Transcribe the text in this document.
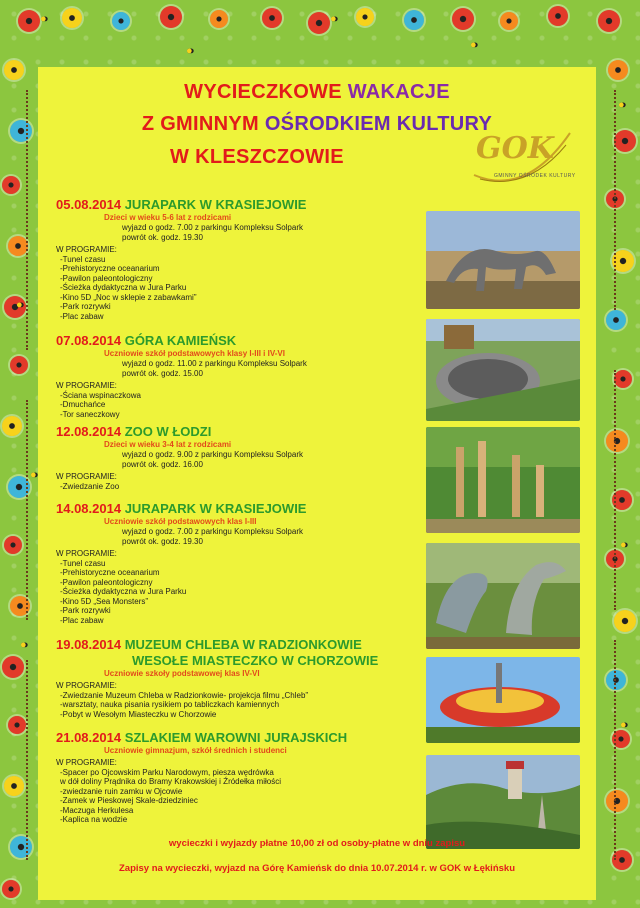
●
●
●
●
●
●
●
●
●
●
WYCIECZKOWE WAKACJE
Z GMINNYM OŚRODKIEM KULTURY
W KLESZCZOWIE	GOK
GMINNY OŚRODEK KULTURY
05.08.2014 JURAPARK W KRASIEJOWIE
Dzieci w wieku 5-6 lat z rodzicami
wyjazd o godz. 7.00 z parkingu Kompleksu Solpark
powrót ok. godz. 19.30
W PROGRAMIE:
-Tunel czasu
-Prehistoryczne oceanarium
-Pawilon paleontologiczny
-Ścieżka dydaktyczna w Jura Parku
-Kino 5D „Noc w sklepie z zabawkami”
-Park rozrywki
-Plac zabaw
07.08.2014 GÓRA KAMIEŃSK
Uczniowie szkół podstawowych klasy I-III i IV-VI
wyjazd o godz. 11.00 z parkingu Kompleksu Solpark
powrót ok. godz. 15.00
W PROGRAMIE:
-Ściana wspinaczkowa
-Dmuchańce
-Tor saneczkowy
12.08.2014 ZOO W ŁODZI
Dzieci w wieku 3-4 lat z rodzicami
wyjazd o godz. 9.00 z parkingu Kompleksu Solpark
powrót ok. godz. 16.00
W PROGRAMIE:
-Zwiedzanie Zoo
14.08.2014 JURAPARK W KRASIEJOWIE
Uczniowie szkół podstawowych klas I-III
wyjazd o godz. 7.00 z parkingu Kompleksu Solpark
powrót ok. godz. 19.30
W PROGRAMIE:
-Tunel czasu
-Prehistoryczne oceanarium
-Pawilon paleontologiczny
-Ścieżka dydaktyczna w Jura Parku
-Kino 5D „Sea Monsters”
-Park rozrywki
-Plac zabaw
19.08.2014 MUZEUM CHLEBA W RADZIONKOWIE
WESOŁE MIASTECZKO W CHORZOWIE
Uczniowie szkoły podstawowej klas IV-VI
W PROGRAMIE:
-Zwiedzanie Muzeum Chleba w Radzionkowie- projekcja filmu „Chleb”
-warsztaty, nauka pisania rysikiem po tabliczkach kamiennych
-Pobyt w Wesołym Miasteczku w Chorzowie
21.08.2014 SZLAKIEM WAROWNI JURAJSKICH
Uczniowie gimnazjum, szkół średnich i studenci
W PROGRAMIE:
-Spacer po Ojcowskim Parku Narodowym, piesza wędrówka
w dół doliny Prądnika do Bramy Krakowskiej i Źródełka miłości
-zwiedzanie ruin zamku w Ojcowie
-Zamek w Pieskowej Skale-dziedziniec
-Maczuga Herkulesa
-Kaplica na wodzie
wycieczki i wyjazdy płatne 10,00 zł od osoby-płatne w dniu zapisu
Zapisy na wycieczki, wyjazd na Górę Kamieńsk do dnia 10.07.2014 r. w GOK w Łękińsku
